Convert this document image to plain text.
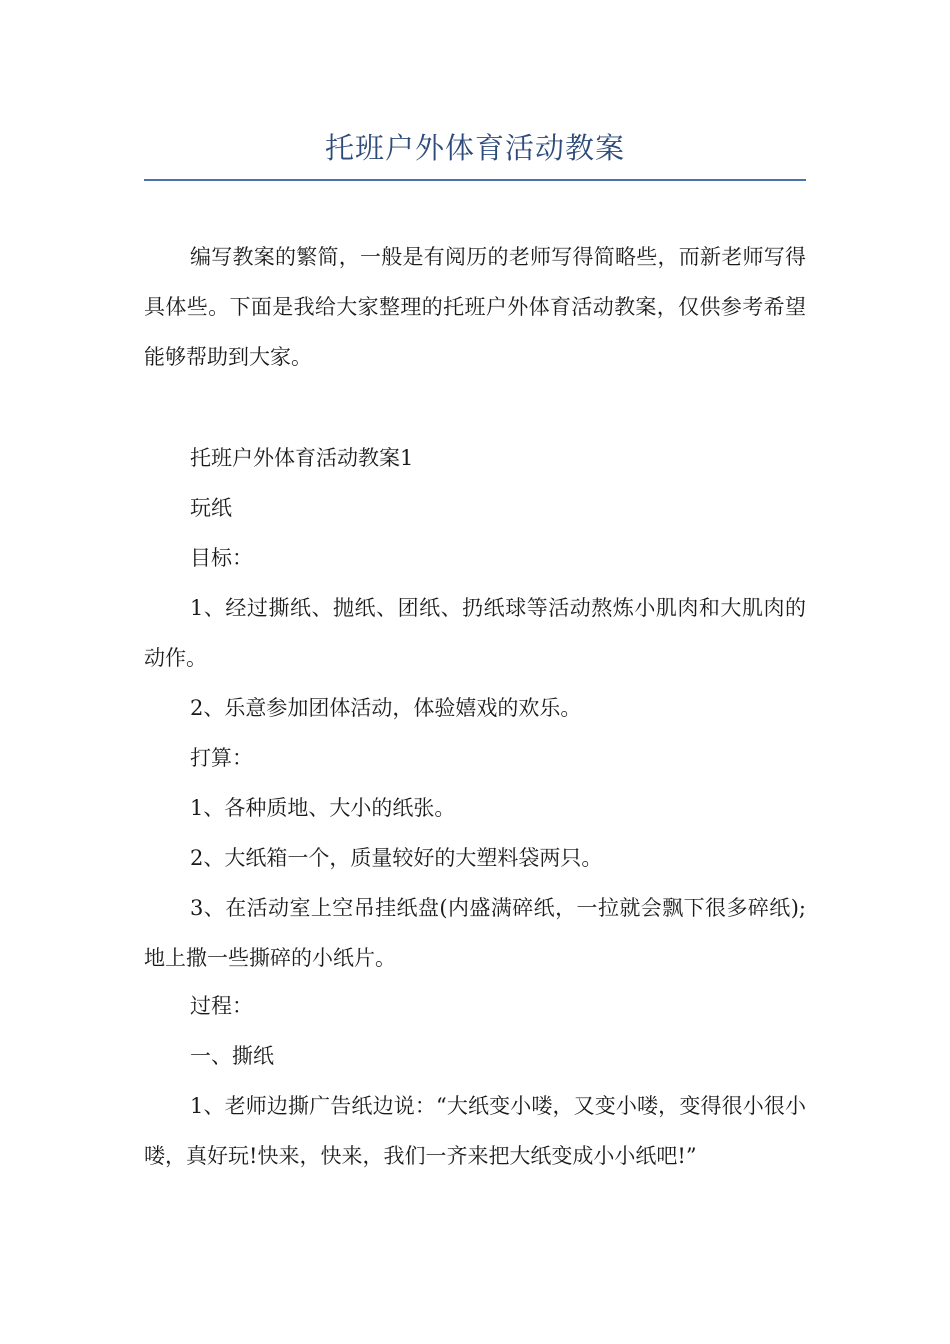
托班户外体育活动教案

编写教案的繁简，一般是有阅历的老师写得简略些，而新老师写得具体些。下面是我给大家整理的托班户外体育活动教案，仅供参考希望能够帮助到大家。

托班户外体育活动教案1

玩纸

目标：

1、经过撕纸、抛纸、团纸、扔纸球等活动熬炼小肌肉和大肌肉的动作。

2、乐意参加团体活动，体验嬉戏的欢乐。

打算：

1、各种质地、大小的纸张。

2、大纸箱一个，质量较好的大塑料袋两只。

3、在活动室上空吊挂纸盘(内盛满碎纸，一拉就会飘下很多碎纸);地上撒一些撕碎的小纸片。

过程：

一、撕纸

1、老师边撕广告纸边说：“大纸变小喽，又变小喽，变得很小很小喽，真好玩!快来，快来，我们一齐来把大纸变成小小纸吧!”
